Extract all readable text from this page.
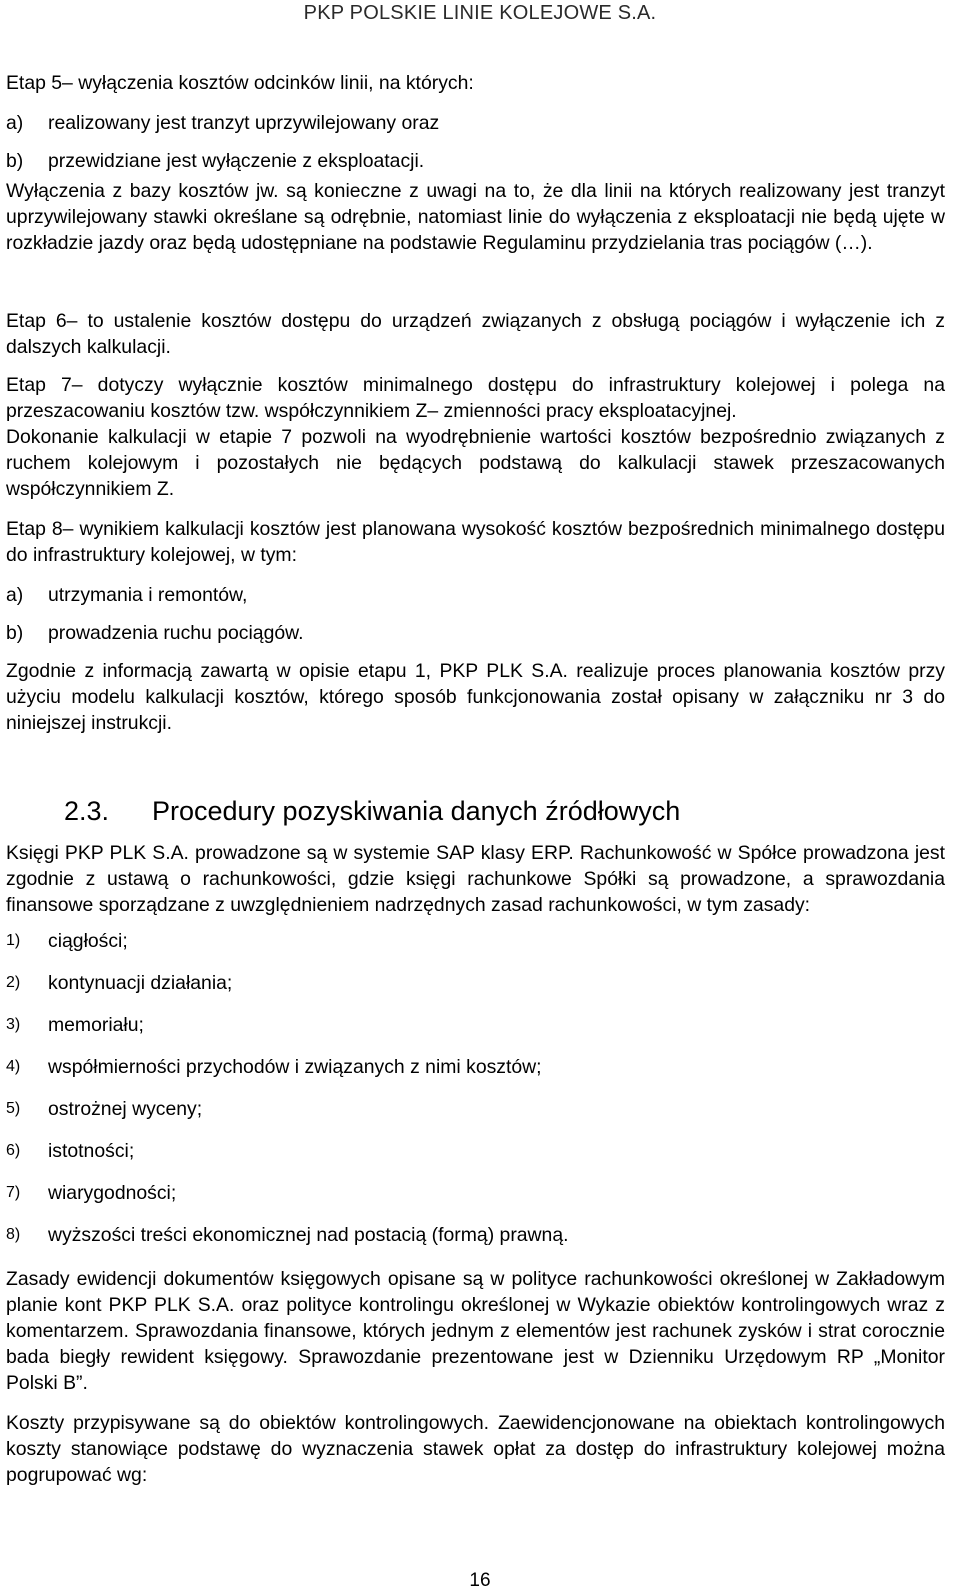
PKP POLSKIE LINIE KOLEJOWE S.A.

Etap 5– wyłączenia kosztów odcinków linii, na których:

a)	realizowany jest tranzyt uprzywilejowany oraz
b)	przewidziane jest wyłączenie z eksploatacji.

Wyłączenia z bazy kosztów jw. są konieczne z uwagi na to, że dla linii na których realizowany jest tranzyt uprzywilejowany stawki określane są odrębnie, natomiast linie do wyłączenia z eksploatacji nie będą ujęte w rozkładzie jazdy oraz będą udostępniane na podstawie Regulaminu przydzielania tras pociągów (…).

Etap 6– to ustalenie kosztów dostępu do urządzeń związanych z obsługą pociągów i wyłączenie ich z dalszych kalkulacji.

Etap 7– dotyczy wyłącznie kosztów minimalnego dostępu do infrastruktury kolejowej i polega na przeszacowaniu kosztów tzw. współczynnikiem Z– zmienności pracy eksploatacyjnej.

Dokonanie kalkulacji w etapie 7 pozwoli na wyodrębnienie wartości kosztów bezpośrednio związanych z ruchem kolejowym i pozostałych nie będących podstawą do kalkulacji stawek przeszacowanych współczynnikiem Z.

Etap 8– wynikiem kalkulacji kosztów jest planowana wysokość kosztów bezpośrednich minimalnego dostępu do infrastruktury kolejowej, w tym:

a)	utrzymania i remontów,
b)	prowadzenia ruchu pociągów.

Zgodnie z informacją zawartą w opisie etapu 1, PKP PLK S.A. realizuje proces planowania kosztów przy użyciu modelu kalkulacji kosztów, którego sposób funkcjonowania został opisany w załączniku nr 3 do niniejszej instrukcji.

2.3.	Procedury pozyskiwania danych źródłowych

Księgi PKP PLK S.A. prowadzone są w systemie SAP klasy ERP. Rachunkowość w Spółce prowadzona jest zgodnie z ustawą o rachunkowości, gdzie księgi rachunkowe Spółki są prowadzone, a sprawozdania finansowe sporządzane z uwzględnieniem nadrzędnych zasad rachunkowości, w tym zasady:

1)	ciągłości;
2)	kontynuacji działania;
3)	memoriału;
4)	współmierności przychodów i związanych z nimi kosztów;
5)	ostrożnej wyceny;
6)	istotności;
7)	wiarygodności;
8)	wyższości treści ekonomicznej nad postacią (formą) prawną.

Zasady ewidencji dokumentów księgowych opisane są w polityce rachunkowości określonej w Zakładowym planie kont PKP PLK S.A. oraz polityce kontrolingu określonej w Wykazie obiektów kontrolingowych wraz z komentarzem. Sprawozdania finansowe, których jednym z elementów jest rachunek zysków i strat corocznie bada biegły rewident księgowy. Sprawozdanie prezentowane jest w Dzienniku Urzędowym RP „Monitor Polski B”.

Koszty przypisywane są do obiektów kontrolingowych. Zaewidencjonowane na obiektach kontrolingowych koszty stanowiące podstawę do wyznaczenia stawek opłat za dostęp do infrastruktury kolejowej można pogrupować wg:

16
